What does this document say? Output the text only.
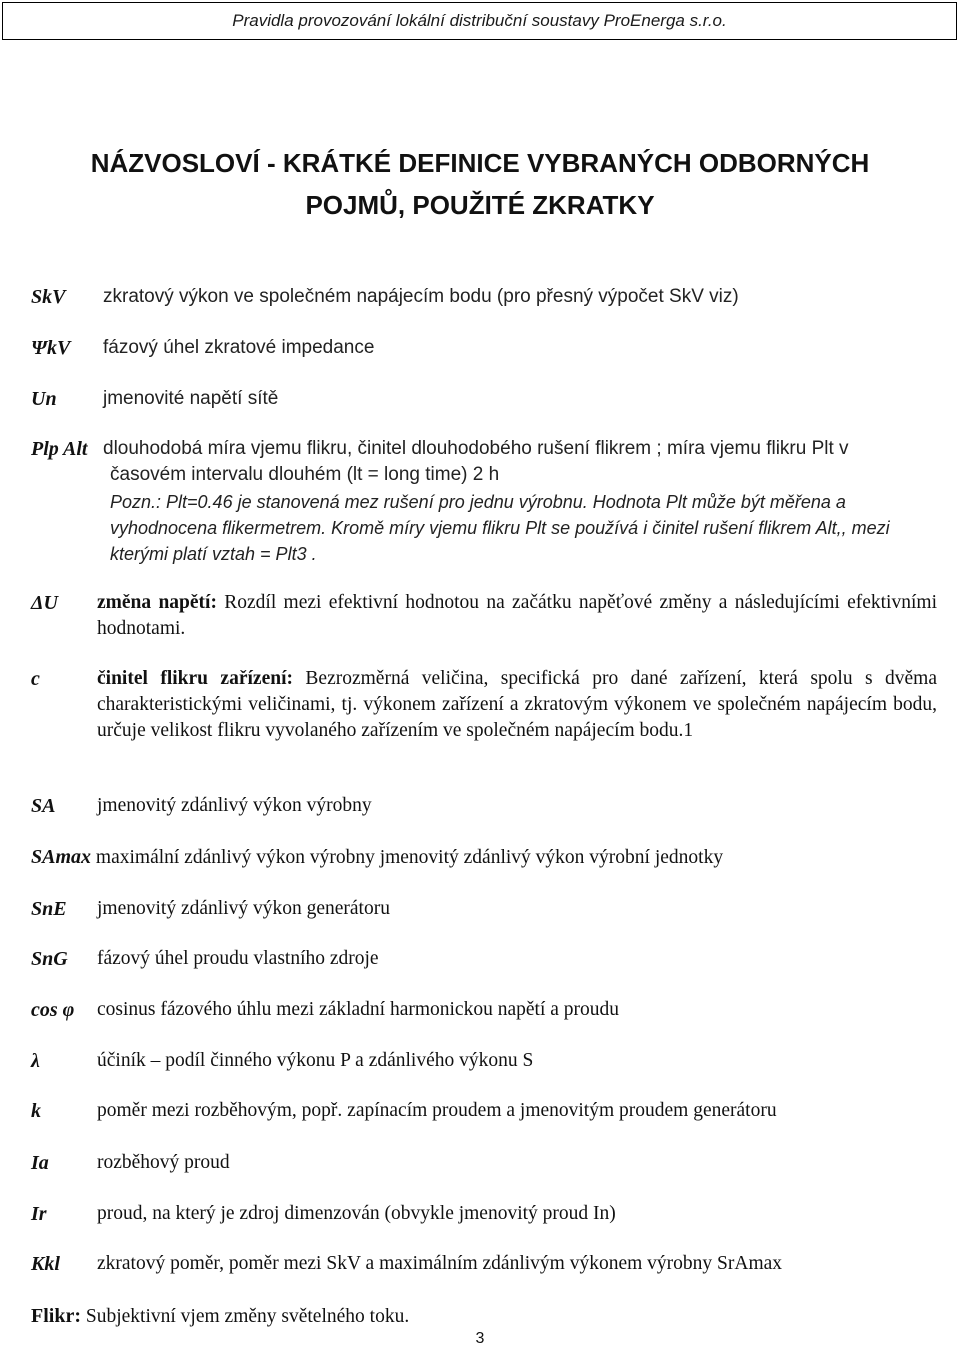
Pravidla provozování lokální distribuční soustavy ProEnerga s.r.o.
NÁZVOSLOVÍ - KRÁTKÉ DEFINICE VYBRANÝCH ODBORNÝCH
POJMŮ, POUŽITÉ ZKRATKY
SkV zkratový výkon ve společném napájecím bodu (pro přesný výpočet SkV viz)
ΨkV fázový úhel zkratové impedance
Un jmenovité napětí sítě
Plp Alt dlouhodobá míra vjemu flikru, činitel dlouhodobého rušení flikrem ; míra vjemu flikru Plt v
časovém intervalu dlouhém (lt = long time) 2 h
Pozn.: Plt=0.46 je stanovená mez rušení pro jednu výrobnu. Hodnota Plt může být měřena a vyhodnocena flikermetrem. Kromě míry vjemu flikru Plt se používá i činitel rušení flikrem Alt,, mezi kterými platí vztah = Plt3 .
ΔU změna napětí: Rozdíl mezi efektivní hodnotou na začátku napěťové změny a následujícími efektivními hodnotami.
c	činitel flikru zařízení: Bezrozměrná veličina, specifická pro dané zařízení, která spolu s dvěma charakteristickými veličinami, tj. výkonem zařízení a zkratovým výkonem ve společném napájecím bodu, určuje velikost flikru vyvolaného zařízením ve společném napájecím bodu.1
SA jmenovitý zdánlivý výkon výrobny
SAmax maximální zdánlivý výkon výrobny jmenovitý zdánlivý výkon výrobní jednotky
SnE jmenovitý zdánlivý výkon generátoru
SnG fázový úhel proudu vlastního zdroje
cos φ cosinus fázového úhlu mezi základní harmonickou napětí a proudu
λ	účiník – podíl činného výkonu P a zdánlivého výkonu S
k	poměr mezi rozběhovým, popř. zapínacím proudem a jmenovitým proudem generátoru
Ia rozběhový proud
Ir	proud, na který je zdroj dimenzován (obvykle jmenovitý proud In)
Kkl zkratový poměr, poměr mezi SkV a maximálním zdánlivým výkonem výrobny SrAmax
Flikr: Subjektivní vjem změny světelného toku.
3
